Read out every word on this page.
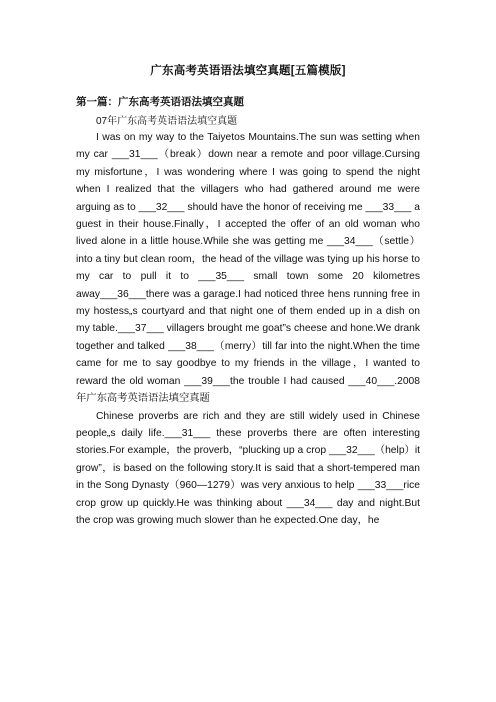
广东高考英语语法填空真题[五篇模版]
第一篇：广东高考英语语法填空真题
07年广东高考英语语法填空真题

I was on my way to the Taiyetos Mountains.The sun was setting when my car ___31___（break）down near a remote and poor village.Cursing my misfortune，I was wondering where I was going to spend the night when I realized that the villagers who had gathered around me were arguing as to ___32___ should have the honor of receiving me ___33___ a guest in their house.Finally，I accepted the offer of an old woman who lived alone in a little house.While she was getting me ___34___（settle）into a tiny but clean room，the head of the village was tying up his horse to my car to pull it to ___35___ small town some 20 kilometres away___36___there was a garage.I had noticed three hens running free in my hostess„s courtyard and that night one of them ended up in a dish on my table.___37___ villagers brought me goat”s cheese and hone.We drank together and talked ___38___（merry）till far into the night.When the time came for me to say goodbye to my friends in the village，I wanted to reward the old woman ___39___the trouble I had caused ___40___.2008年广东高考英语语法填空真题

Chinese proverbs are rich and they are still widely used in Chinese people„s daily life.___31___ these proverbs there are often interesting stories.For example，the proverb，“plucking up a crop ___32___（help）it grow”，is based on the following story.It is said that a short-tempered man in the Song Dynasty（960—1279）was very anxious to help ___33___rice crop grow up quickly.He was thinking about ___34___ day and night.But the crop was growing much slower than he expected.One day，he
